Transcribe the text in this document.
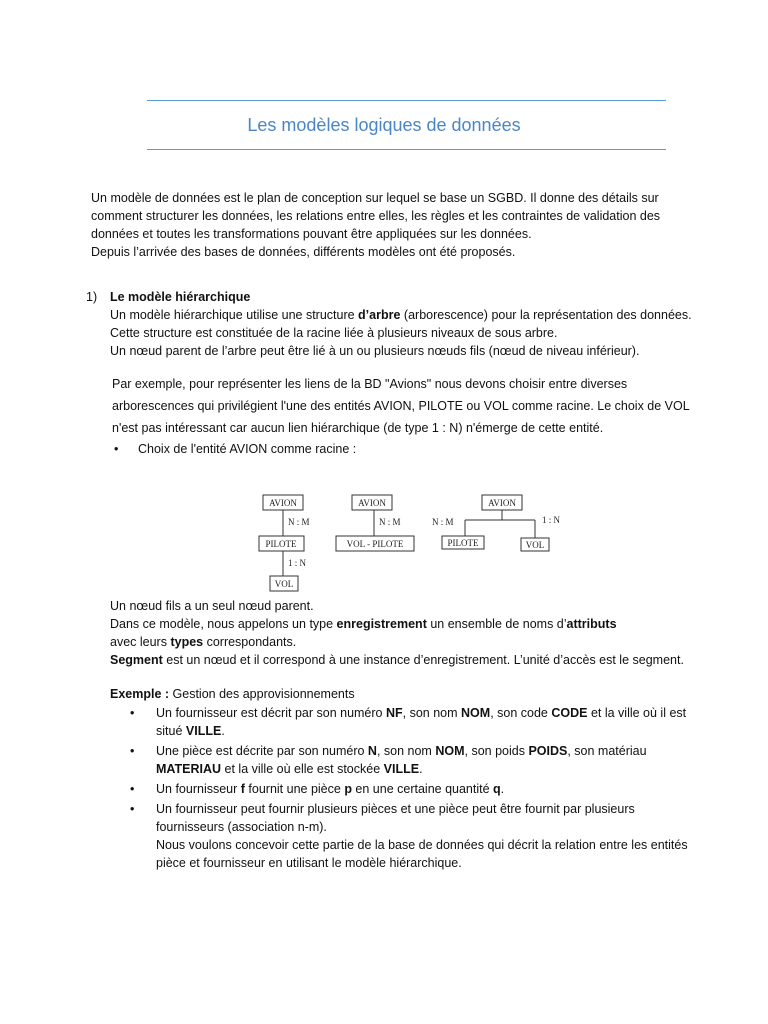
Les modèles logiques de données
Un modèle de données est le plan de conception sur lequel se base un SGBD. Il donne des détails sur
comment structurer les données, les relations entre elles, les règles et les contraintes de validation des
données et toutes les transformations pouvant être appliquées sur les données.
Depuis l’arrivée des bases de données, différents modèles ont été proposés.
1) Le modèle hiérarchique
Un modèle hiérarchique utilise une structure d’arbre (arborescence) pour la représentation des données.
Cette structure est constituée de la racine liée à plusieurs niveaux de sous arbre.
Un nœud parent de l’arbre peut être lié à un ou plusieurs nœuds fils (nœud de niveau inférieur).
Par exemple, pour représenter les liens de la BD "Avions" nous devons choisir entre diverses
arborescences qui privilégient l'une des entités AVION, PILOTE ou VOL comme racine. Le choix de VOL
n'est pas intéressant car aucun lien hiérarchique (de type 1 : N) n'émerge de cette entité.
• Choix de l'entité AVION comme racine :
AVION
N : M
PILOTE
1 : N
VOL
AVION
N : M
VOL - PILOTE
AVION
N : M	1 : N
PILOTE	VOL
Un nœud fils a un seul nœud parent.
Dans ce modèle, nous appelons un type enregistrement un ensemble de noms d’attributs
avec leurs types correspondants.
Segment est un nœud et il correspond à une instance d’enregistrement. L’unité d’accès est le segment.
Exemple : Gestion des approvisionnements
• Un fournisseur est décrit par son numéro NF, son nom NOM, son code CODE et la ville où il est
situé VILLE.
• Une pièce est décrite par son numéro N, son nom NOM, son poids POIDS, son matériau
MATERIAU et la ville où elle est stockée VILLE.
• Un fournisseur f fournit une pièce p en une certaine quantité q.
• Un fournisseur peut fournir plusieurs pièces et une pièce peut être fournit par plusieurs
fournisseurs (association n-m).
Nous voulons concevoir cette partie de la base de données qui décrit la relation entre les entités
pièce et fournisseur en utilisant le modèle hiérarchique.
